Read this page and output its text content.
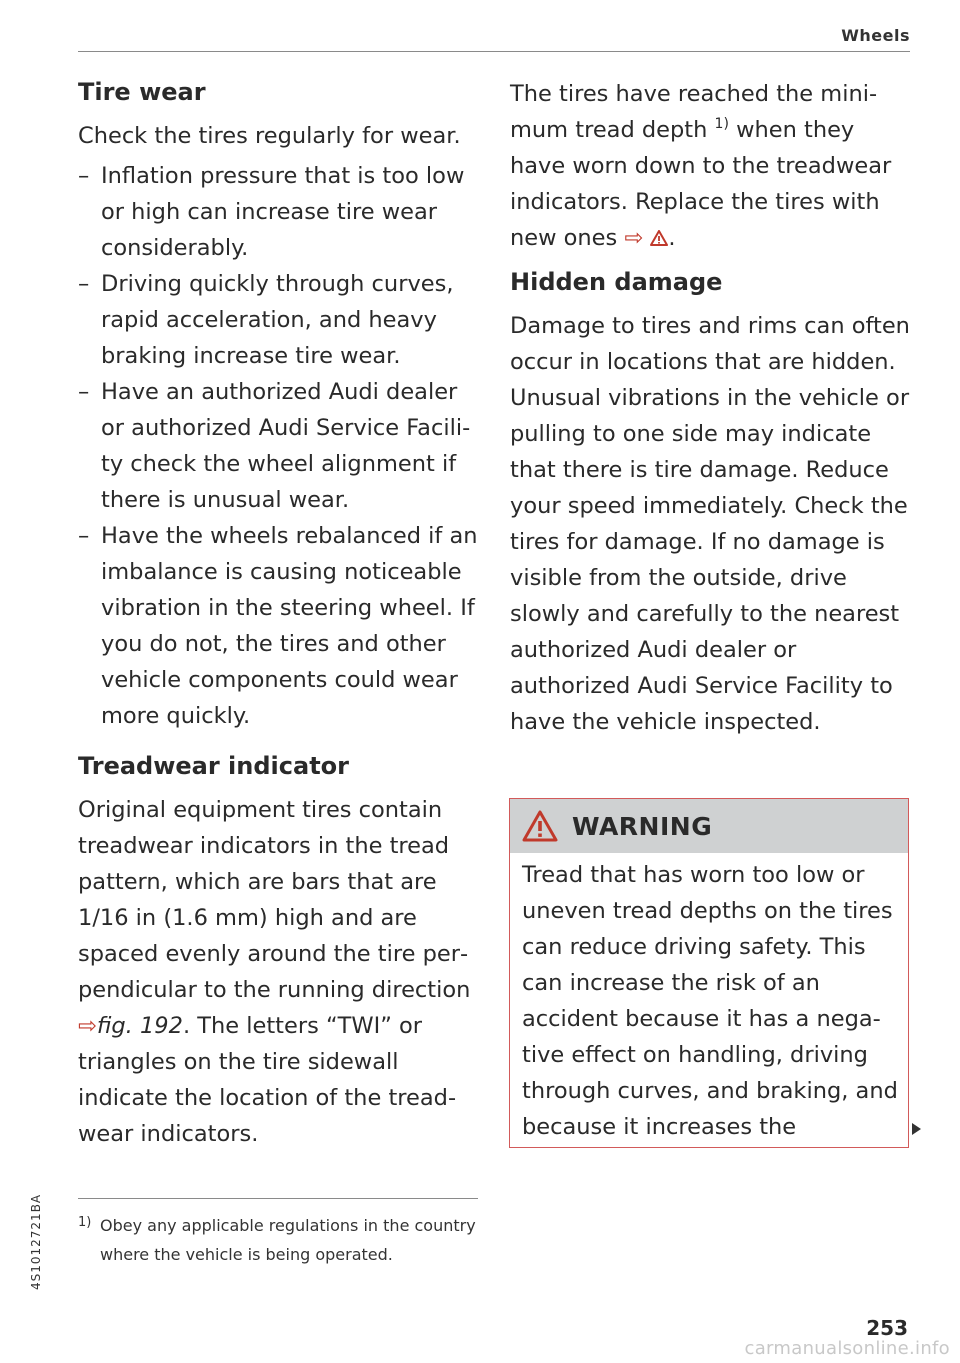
Wheels
Tire wear

Check the tires regularly for wear.

– Inflation pressure that is too low or high can increase tire wear considerably.
– Driving quickly through curves, rapid acceleration, and heavy braking increase tire wear.
– Have an authorized Audi dealer or authorized Audi Service Facility check the wheel alignment if there is unusual wear.
– Have the wheels rebalanced if an imbalance is causing noticeable vibration in the steering wheel. If you do not, the tires and other vehicle components could wear more quickly.
Treadwear indicator

Original equipment tires contain treadwear indicators in the tread pattern, which are bars that are 1/16 in (1.6 mm) high and are spaced evenly around the tire perpendicular to the running direction ⇨fig. 192. The letters “TWI” or triangles on the tire sidewall indicate the location of the treadwear indicators.

The tires have reached the minimum tread depth $^{1)}$ when they have worn down to the treadwear indicators. Replace the tires with new ones ⇨ .

Hidden damage

Damage to tires and rims can often occur in locations that are hidden. Unusual vibrations in the vehicle or pulling to one side may indicate that there is tire damage. Reduce your speed immediately. Check the tires for damage. If no damage is visible from the outside, drive slowly and carefully to the nearest authorized Audi dealer or authorized Audi Service Facility to have the vehicle inspected.

WARNING
Tread that has worn too low or uneven tread depths on the tires can reduce driving safety. This can increase the risk of an accident because it has a negative effect on handling, driving through curves, and braking, and because it increases the
1) Obey any applicable regulations in the country where the vehicle is being operated.
4S1012721BA
253
carmanualsonline.info
